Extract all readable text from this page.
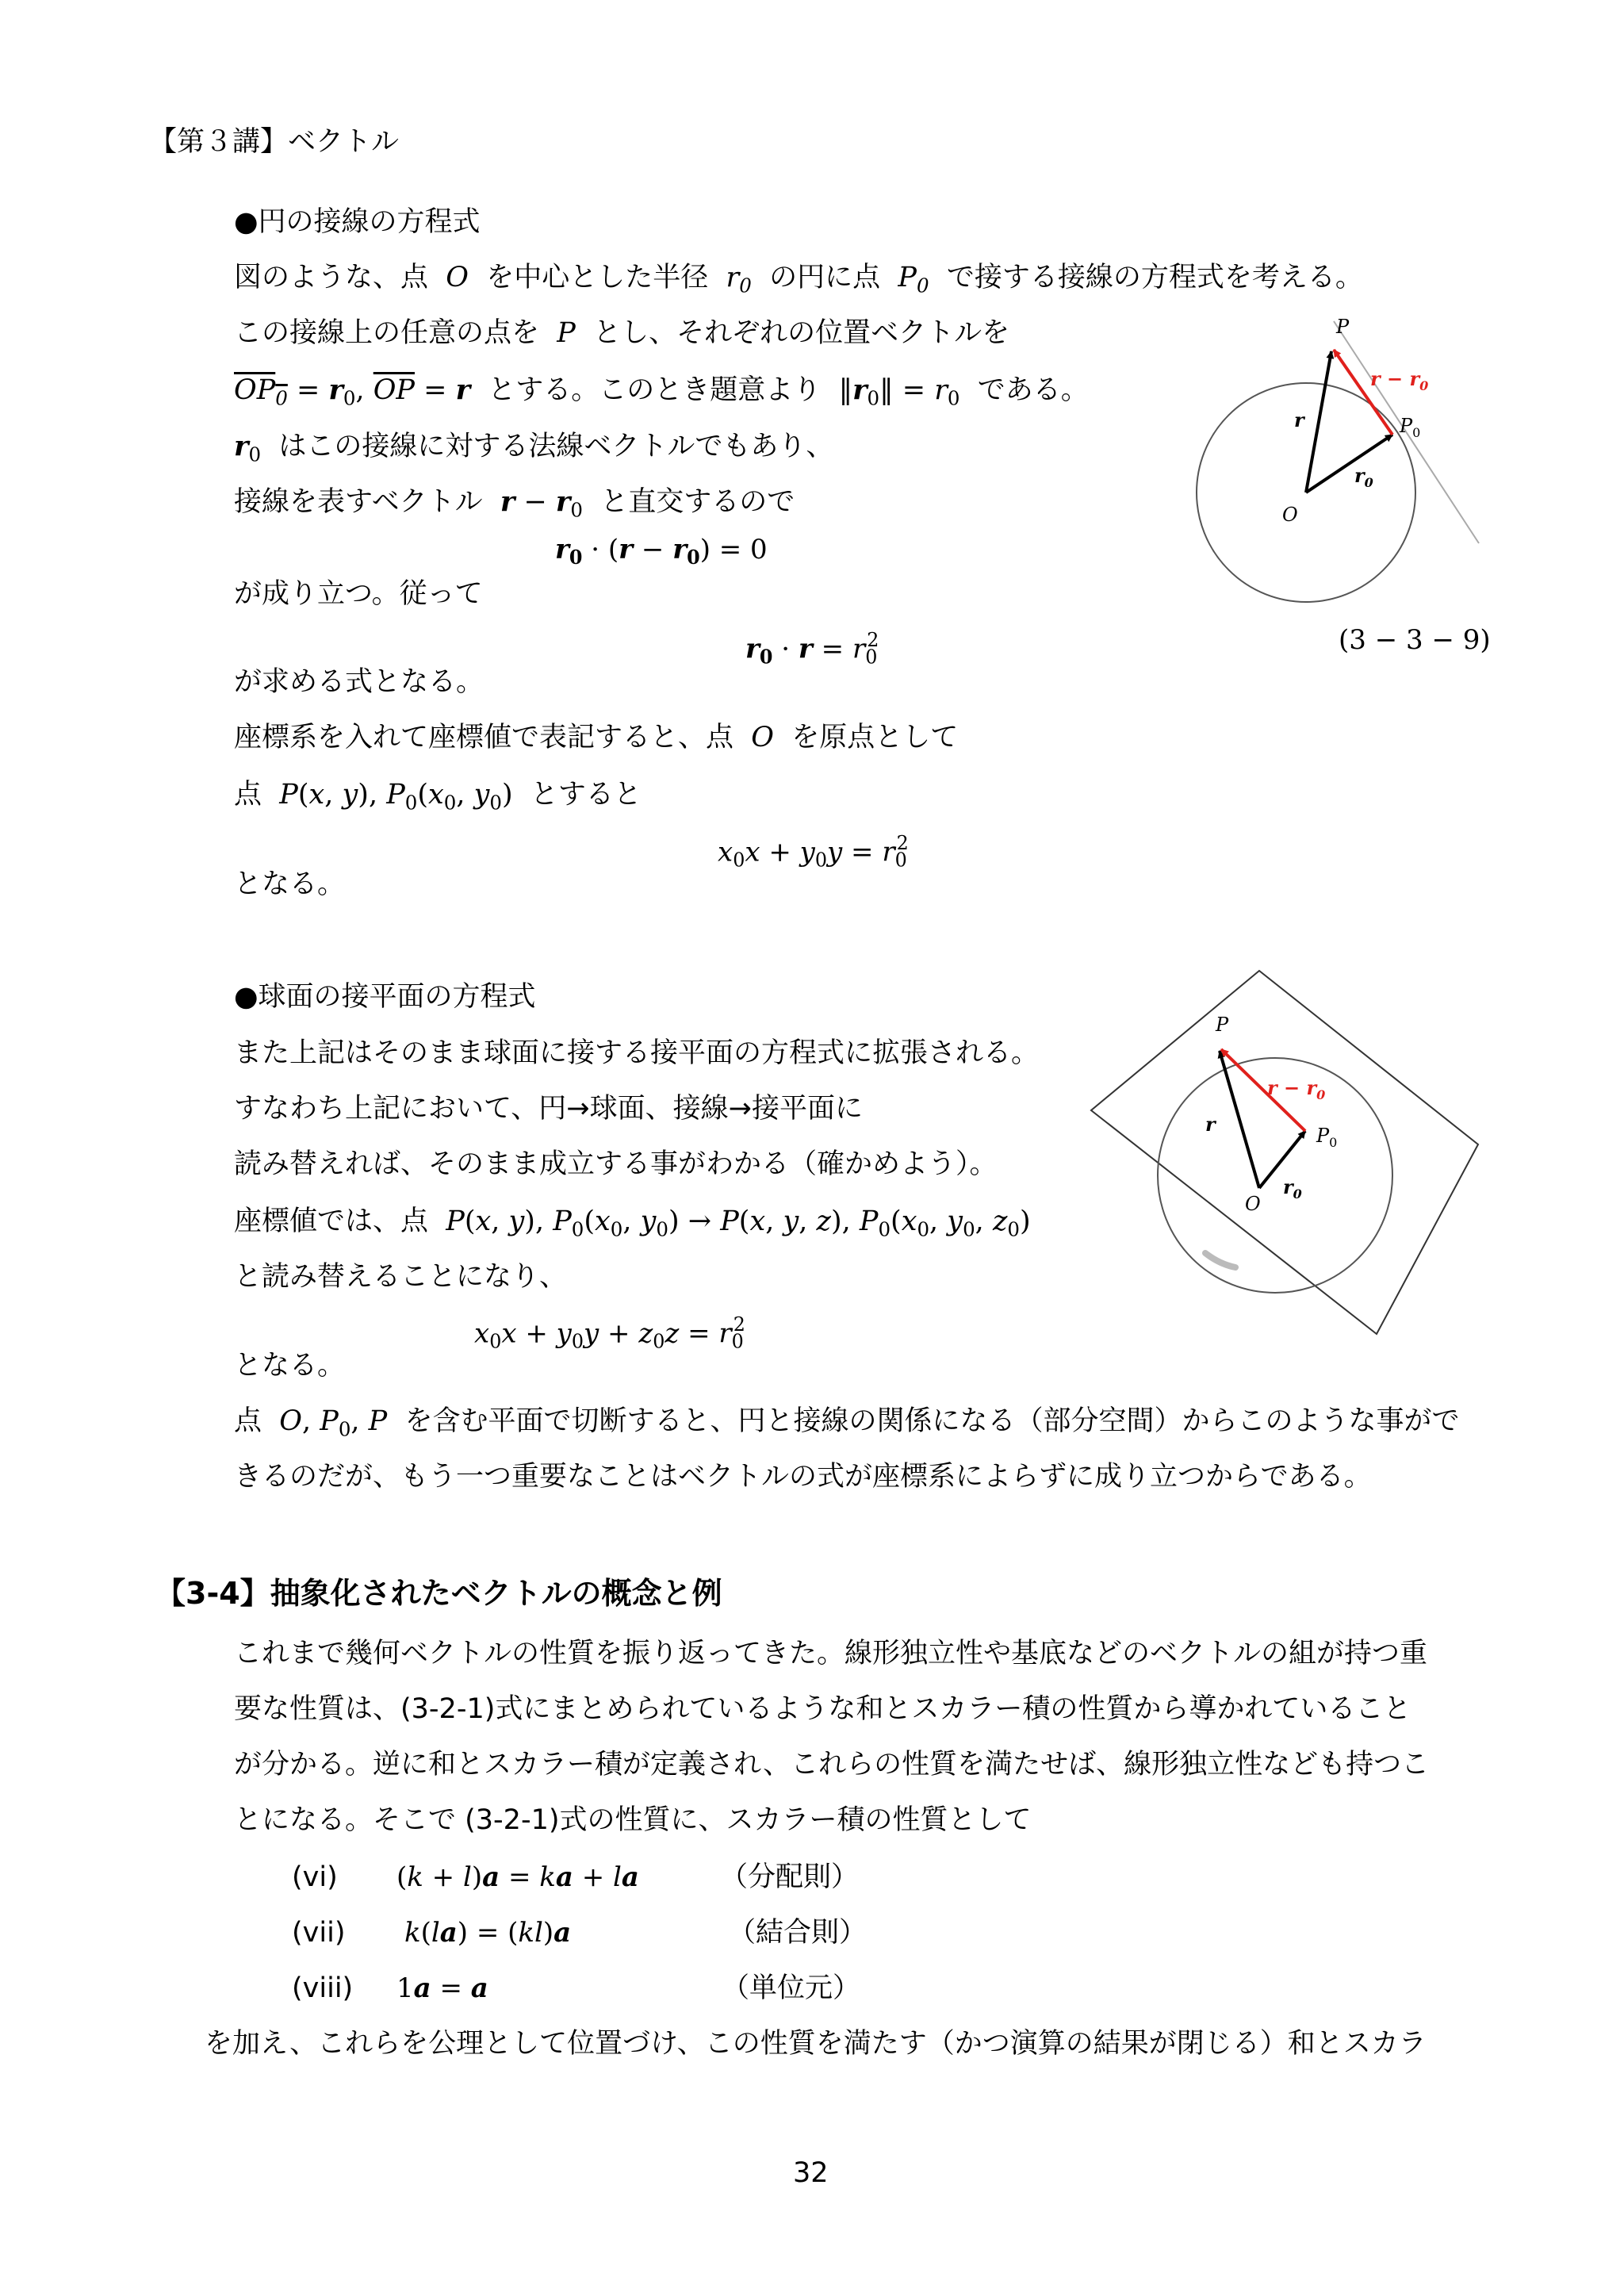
【第３講】ベクトル
●円の接線の方程式
図のような、点 O を中心とした半径 $r_0$ の円に点 $P_0$ で接する接線の方程式を考える。
この接線上の任意の点を P とし、それぞれの位置ベクトルを
$OP_0 = r_0$, $\overline{OP} = r$ とする。このとき題意より $‖r_0‖ = r_0$ である。
$r_0$ はこの接線に対する法線ベクトルでもあり、
接線を表すベクトル $r - r_0$ と直交するので
$r_0 \cdot (r - r_0) = 0$
が成り立つ。従って
$r_0 \cdot r = r_0^2$	(3 − 3 − 9)
が求める式となる。
座標系を入れて座標値で表記すると、点 O を原点として
点 P(x, y), $P_0(x_0$, $y_0$) とすると
$x_0x + y_0y = r_0^2$
となる。
P
$P_0$
O
r
$r_0$
$r - r_0$
●球面の接平面の方程式
また上記はそのまま球面に接する接平面の方程式に拡張される。
すなわち上記において、円→球面、接線→接平面に
読み替えれば、そのまま成立する事がわかる（確かめよう）。
座標値では、点 P(x, y), $P_0(x_0$, $y_0) \to P(x$, y, z), $P_0(x_0$, $y_0$, $z_0$)
と読み替えることになり、
$x_0x + y_0y + z_0z = r_0^2$
となる。
点 O, $P_0$, P を含む平面で切断すると、円と接線の関係になる（部分空間）からこのような事がで
きるのだが、もう一つ重要なことはベクトルの式が座標系によらずに成り立つからである。
P
$P_0$
O
r
$r_0$
$r - r_0$
【3-4】抽象化されたベクトルの概念と例
これまで幾何ベクトルの性質を振り返ってきた。線形独立性や基底などのベクトルの組が持つ重
要な性質は、(3-2-1)式にまとめられているような和とスカラー積の性質から導かれていること
が分かる。逆に和とスカラー積が定義され、これらの性質を満たせば、線形独立性なども持つこ
とになる。そこで (3-2-1)式の性質に、スカラー積の性質として
(vi) (k + l)a = ka + la	（分配則）
(vii) k(la) = (kl)a	（結合則）
(viii) 1a = a	（単位元）
を加え、これらを公理として位置づけ、この性質を満たす（かつ演算の結果が閉じる）和とスカラ
32
